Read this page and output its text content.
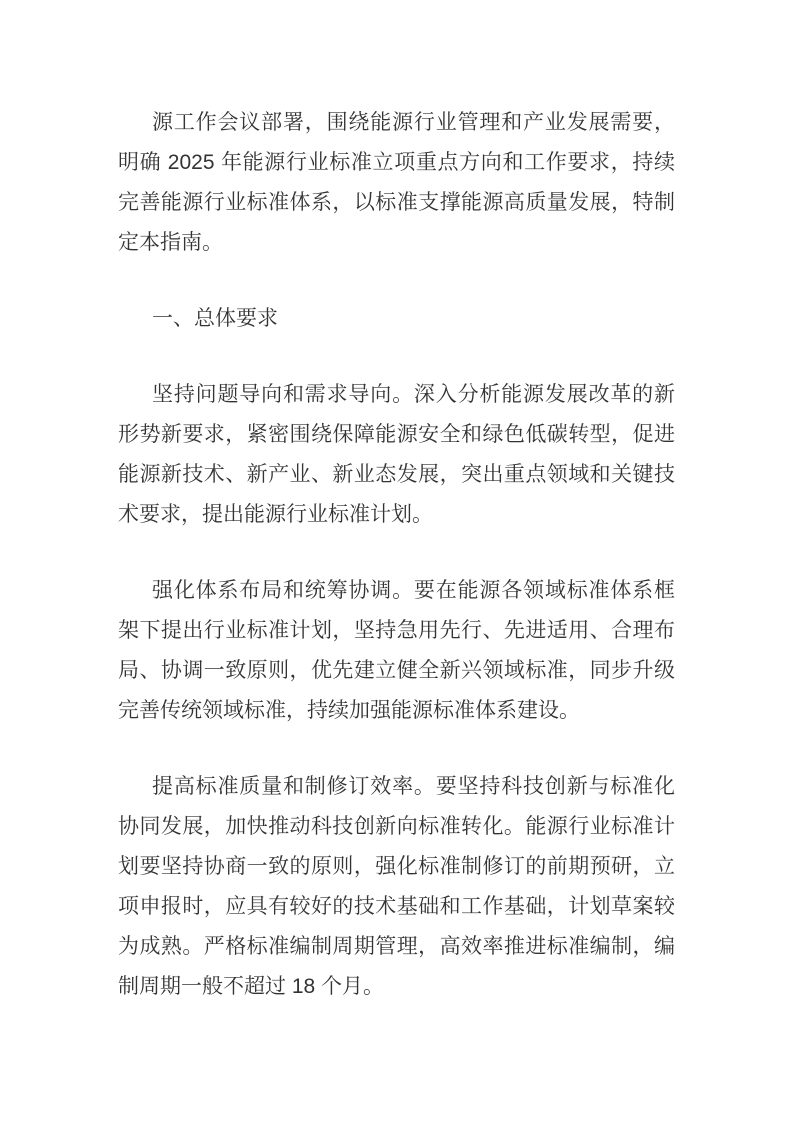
源工作会议部署，围绕能源行业管理和产业发展需要，明确 2025 年能源行业标准立项重点方向和工作要求，持续完善能源行业标准体系，以标准支撑能源高质量发展，特制定本指南。

一、总体要求

坚持问题导向和需求导向。深入分析能源发展改革的新形势新要求，紧密围绕保障能源安全和绿色低碳转型，促进能源新技术、新产业、新业态发展，突出重点领域和关键技术要求，提出能源行业标准计划。

强化体系布局和统筹协调。要在能源各领域标准体系框架下提出行业标准计划，坚持急用先行、先进适用、合理布局、协调一致原则，优先建立健全新兴领域标准，同步升级完善传统领域标准，持续加强能源标准体系建设。

提高标准质量和制修订效率。要坚持科技创新与标准化协同发展，加快推动科技创新向标准转化。能源行业标准计划要坚持协商一致的原则，强化标准制修订的前期预研，立项申报时，应具有较好的技术基础和工作基础，计划草案较为成熟。严格标准编制周期管理，高效率推进标准编制，编制周期一般不超过 18 个月。
